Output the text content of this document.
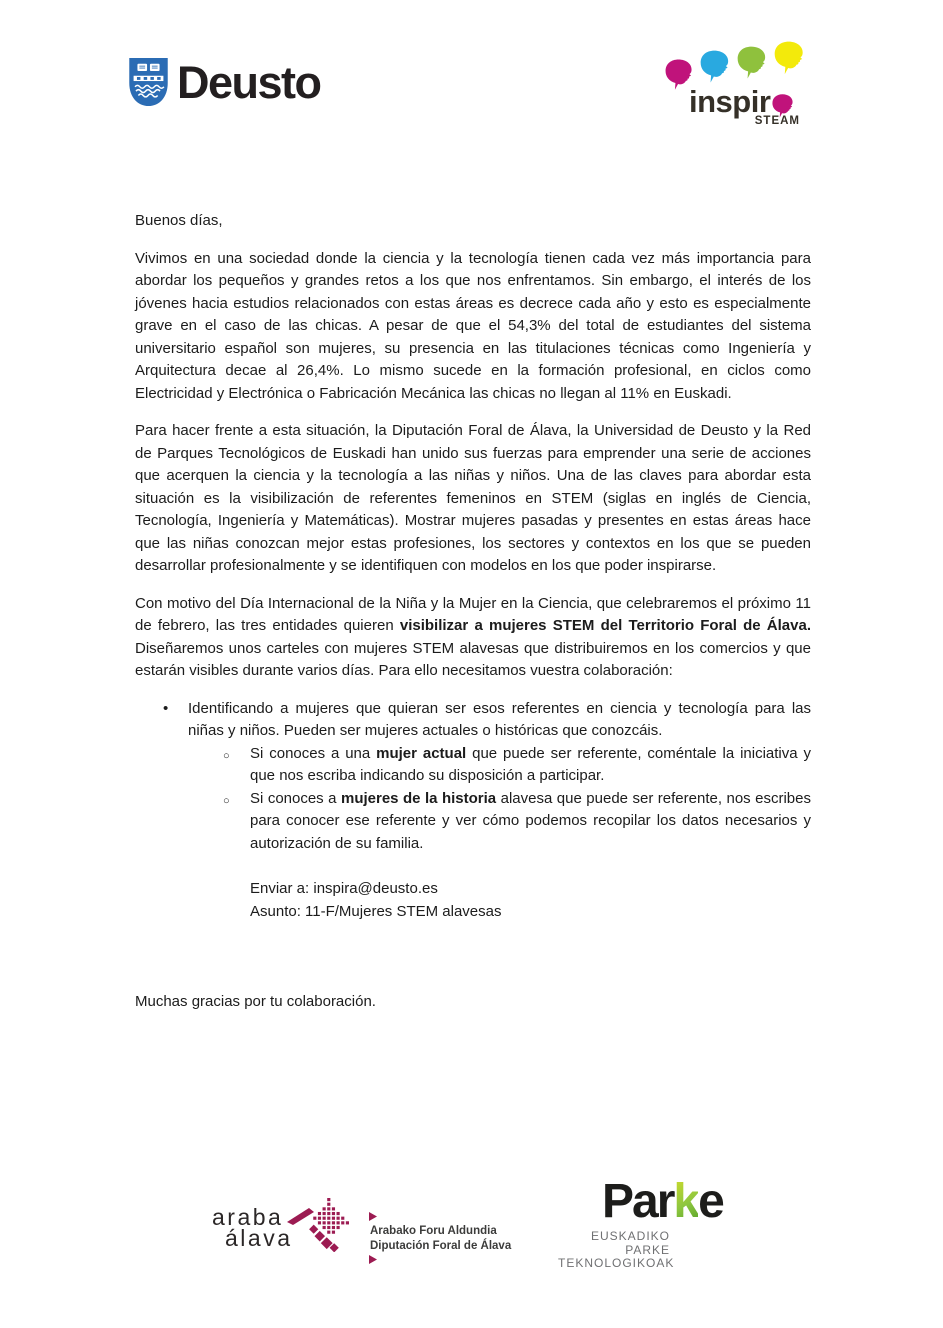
Deusto	inspir
STEAM

Buenos días,

Vivimos en una sociedad donde la ciencia y la tecnología tienen cada vez más importancia para abordar los pequeños y grandes retos a los que nos enfrentamos. Sin embargo, el interés de los jóvenes hacia estudios relacionados con estas áreas es decrece cada año y esto es especialmente grave en el caso de las chicas. A pesar de que el 54,3% del total de estudiantes del sistema universitario español son mujeres, su presencia en las titulaciones técnicas como Ingeniería y Arquitectura decae al 26,4%. Lo mismo sucede en la formación profesional, en ciclos como Electricidad y Electrónica o Fabricación Mecánica las chicas no llegan al 11% en Euskadi.

Para hacer frente a esta situación, la Diputación Foral de Álava, la Universidad de Deusto y la Red de Parques Tecnológicos de Euskadi han unido sus fuerzas para emprender una serie de acciones que acerquen la ciencia y la tecnología a las niñas y niños. Una de las claves para abordar esta situación es la visibilización de referentes femeninos en STEM (siglas en inglés de Ciencia, Tecnología, Ingeniería y Matemáticas). Mostrar mujeres pasadas y presentes en estas áreas hace que las niñas conozcan mejor estas profesiones, los sectores y contextos en los que se pueden desarrollar profesionalmente y se identifiquen con modelos en los que poder inspirarse.

Con motivo del Día Internacional de la Niña y la Mujer en la Ciencia, que celebraremos el próximo 11 de febrero, las tres entidades quieren visibilizar a mujeres STEM del Territorio Foral de Álava. Diseñaremos unos carteles con mujeres STEM alavesas que distribuiremos en los comercios y que estarán visibles durante varios días. Para ello necesitamos vuestra colaboración:

•	Identificando a mujeres que quieran ser esos referentes en ciencia y tecnología para las niñas y niños. Pueden ser mujeres actuales o históricas que conozcáis.
○	Si conoces a una mujer actual que puede ser referente, coméntale la iniciativa y que nos escriba indicando su disposición a participar.
○	Si conoces a mujeres de la historia alavesa que puede ser referente, nos escribes para conocer ese referente y ver cómo podemos recopilar los datos necesarios y autorización de su familia.
Enviar a: inspira@deusto.es
Asunto: 11-F/Mujeres STEM alavesas
Muchas gracias por tu colaboración.
araba
álava	Arabako Foru Aldundia
Diputación Foral de Álava
Parke
EUSKADIKO
PARKE
TEKNOLOGIKOAK
